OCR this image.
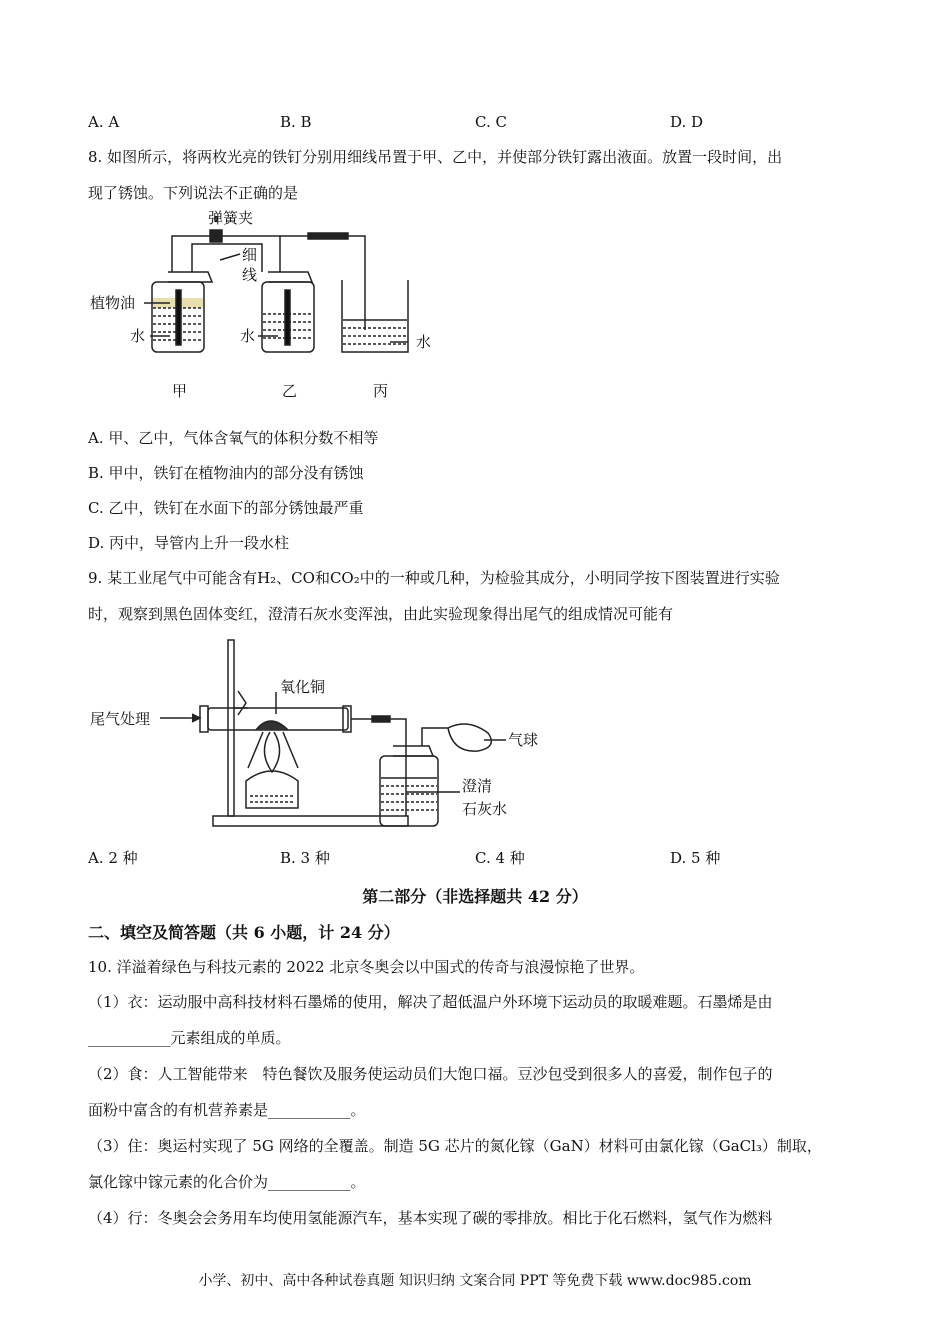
A. A	B. B	C. C	D. D
8. 如图所示，将两枚光亮的铁钉分别用细线吊置于甲、乙中，并使部分铁钉露出液面。放置一段时间，出
现了锈蚀。下列说法不正确的是
弹簧夹
细
线
植物油
水	水	水
甲	乙	丙
A. 甲、乙中，气体含氧气的体积分数不相等
B. 甲中，铁钉在植物油内的部分没有锈蚀
C. 乙中，铁钉在水面下的部分锈蚀最严重
D. 丙中，导管内上升一段水柱
9. 某工业尾气中可能含有H₂、CO和CO₂中的一种或几种，为检验其成分，小明同学按下图装置进行实验
时，观察到黑色固体变红，澄清石灰水变浑浊，由此实验现象得出尾气的组成情况可能有
氧化铜
尾气处理
气球
澄清
石灰水
A. 2 种	B. 3 种	C. 4 种	D. 5 种
第二部分（非选择题共 42 分）
二、填空及简答题（共 6 小题，计 24 分）
10. 洋溢着绿色与科技元素的 2022 北京冬奥会以中国式的传奇与浪漫惊艳了世界。
（1）衣：运动服中高科技材料石墨烯的使用，解决了超低温户外环境下运动员的取暖难题。石墨烯是由
___________元素组成的单质。
（2）食：人工智能带来　特色餐饮及服务使运动员们大饱口福。豆沙包受到很多人的喜爱，制作包子的
面粉中富含的有机营养素是___________。
（3）住：奥运村实现了 5G 网络的全覆盖。制造 5G 芯片的氮化镓（GaN）材料可由氯化镓（GaCl₃）制取，
氯化镓中镓元素的化合价为___________。
（4）行：冬奥会会务用车均使用氢能源汽车，基本实现了碳的零排放。相比于化石燃料，氢气作为燃料
小学、初中、高中各种试卷真题 知识归纳 文案合同 PPT 等免费下载 www.doc985.com
